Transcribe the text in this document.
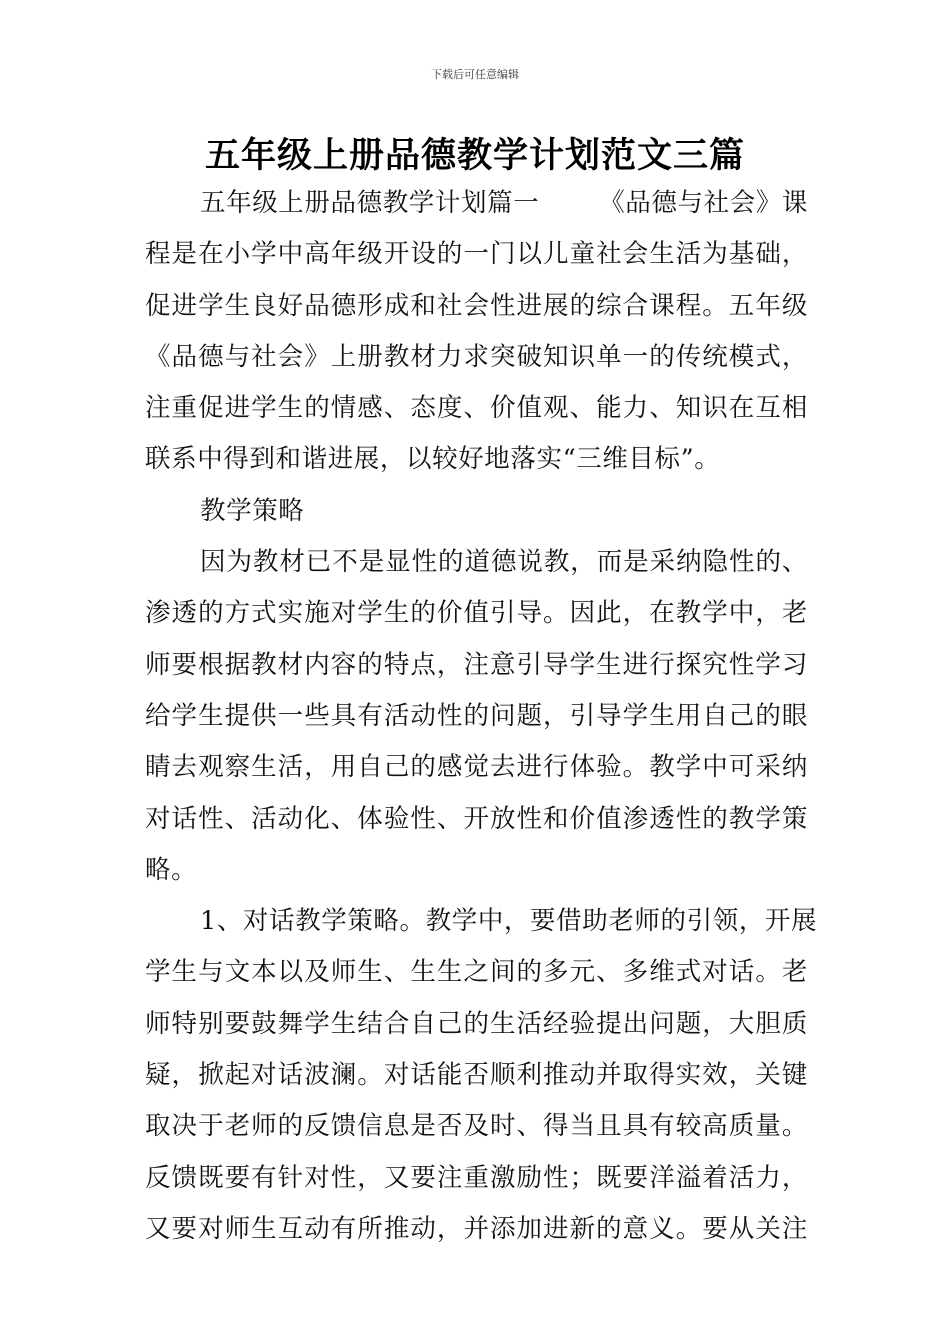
下载后可任意编辑
五年级上册品德教学计划范文三篇
五年级上册品德教学计划篇一 《品德与社会》课
程是在小学中高年级开设的一门以儿童社会生活为基础，
促进学生良好品德形成和社会性进展的综合课程。五年级
《品德与社会》上册教材力求突破知识单一的传统模式，
注重促进学生的情感、态度、价值观、能力、知识在互相
联系中得到和谐进展，以较好地落实“三维目标”。
教学策略
因为教材已不是显性的道德说教，而是采纳隐性的、
渗透的方式实施对学生的价值引导。因此，在教学中，老
师要根据教材内容的特点，注意引导学生进行探究性学习
给学生提供一些具有活动性的问题，引导学生用自己的眼
睛去观察生活，用自己的感觉去进行体验。教学中可采纳
对话性、活动化、体验性、开放性和价值渗透性的教学策
略。
1、对话教学策略。教学中，要借助老师的引领，开展
学生与文本以及师生、生生之间的多元、多维式对话。老
师特别要鼓舞学生结合自己的生活经验提出问题，大胆质
疑，掀起对话波澜。对话能否顺利推动并取得实效，关键
取决于老师的反馈信息是否及时、得当且具有较高质量。
反馈既要有针对性，又要注重激励性；既要洋溢着活力，
又要对师生互动有所推动，并添加进新的意义。要从关注
